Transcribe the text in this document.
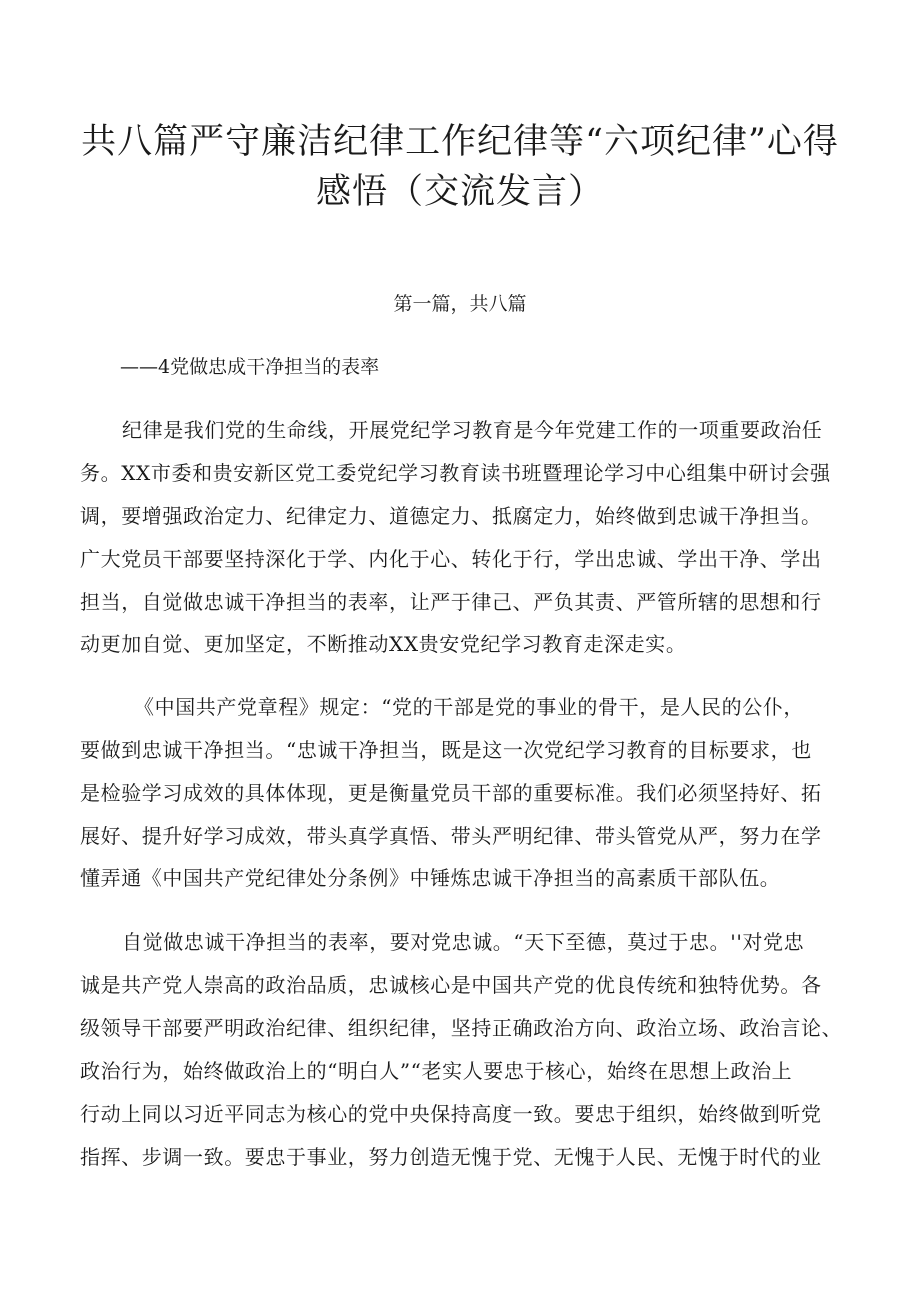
共八篇严守廉洁纪律工作纪律等“六项纪律”心得
感悟（交流发言）
第一篇，共八篇
——4党做忠成干净担当的表率
纪律是我们党的生命线，开展党纪学习教育是今年党建工作的一项重要政治任
务。XX市委和贵安新区党工委党纪学习教育读书班暨理论学习中心组集中研讨会强
调，要增强政治定力、纪律定力、道德定力、抵腐定力，始终做到忠诚干净担当。
广大党员干部要坚持深化于学、内化于心、转化于行，学出忠诚、学出干净、学出
担当，自觉做忠诚干净担当的表率，让严于律己、严负其责、严管所辖的思想和行
动更加自觉、更加坚定，不断推动XX贵安党纪学习教育走深走实。
《中国共产党章程》规定：“党的干部是党的事业的骨干，是人民的公仆，
要做到忠诚干净担当。“忠诚干净担当，既是这一次党纪学习教育的目标要求，也
是检验学习成效的具体体现，更是衡量党员干部的重要标准。我们必须坚持好、拓
展好、提升好学习成效，带头真学真悟、带头严明纪律、带头管党从严，努力在学
懂弄通《中国共产党纪律处分条例》中锤炼忠诚干净担当的高素质干部队伍。
自觉做忠诚干净担当的表率，要对党忠诚。“天下至德，莫过于忠。''对党忠
诚是共产党人崇高的政治品质，忠诚核心是中国共产党的优良传统和独特优势。各
级领导干部要严明政治纪律、组织纪律，坚持正确政治方向、政治立场、政治言论、
政治行为，始终做政治上的“明白人”“老实人要忠于核心，始终在思想上政治上
行动上同以习近平同志为核心的党中央保持高度一致。要忠于组织，始终做到听党
指挥、步调一致。要忠于事业，努力创造无愧于党、无愧于人民、无愧于时代的业
